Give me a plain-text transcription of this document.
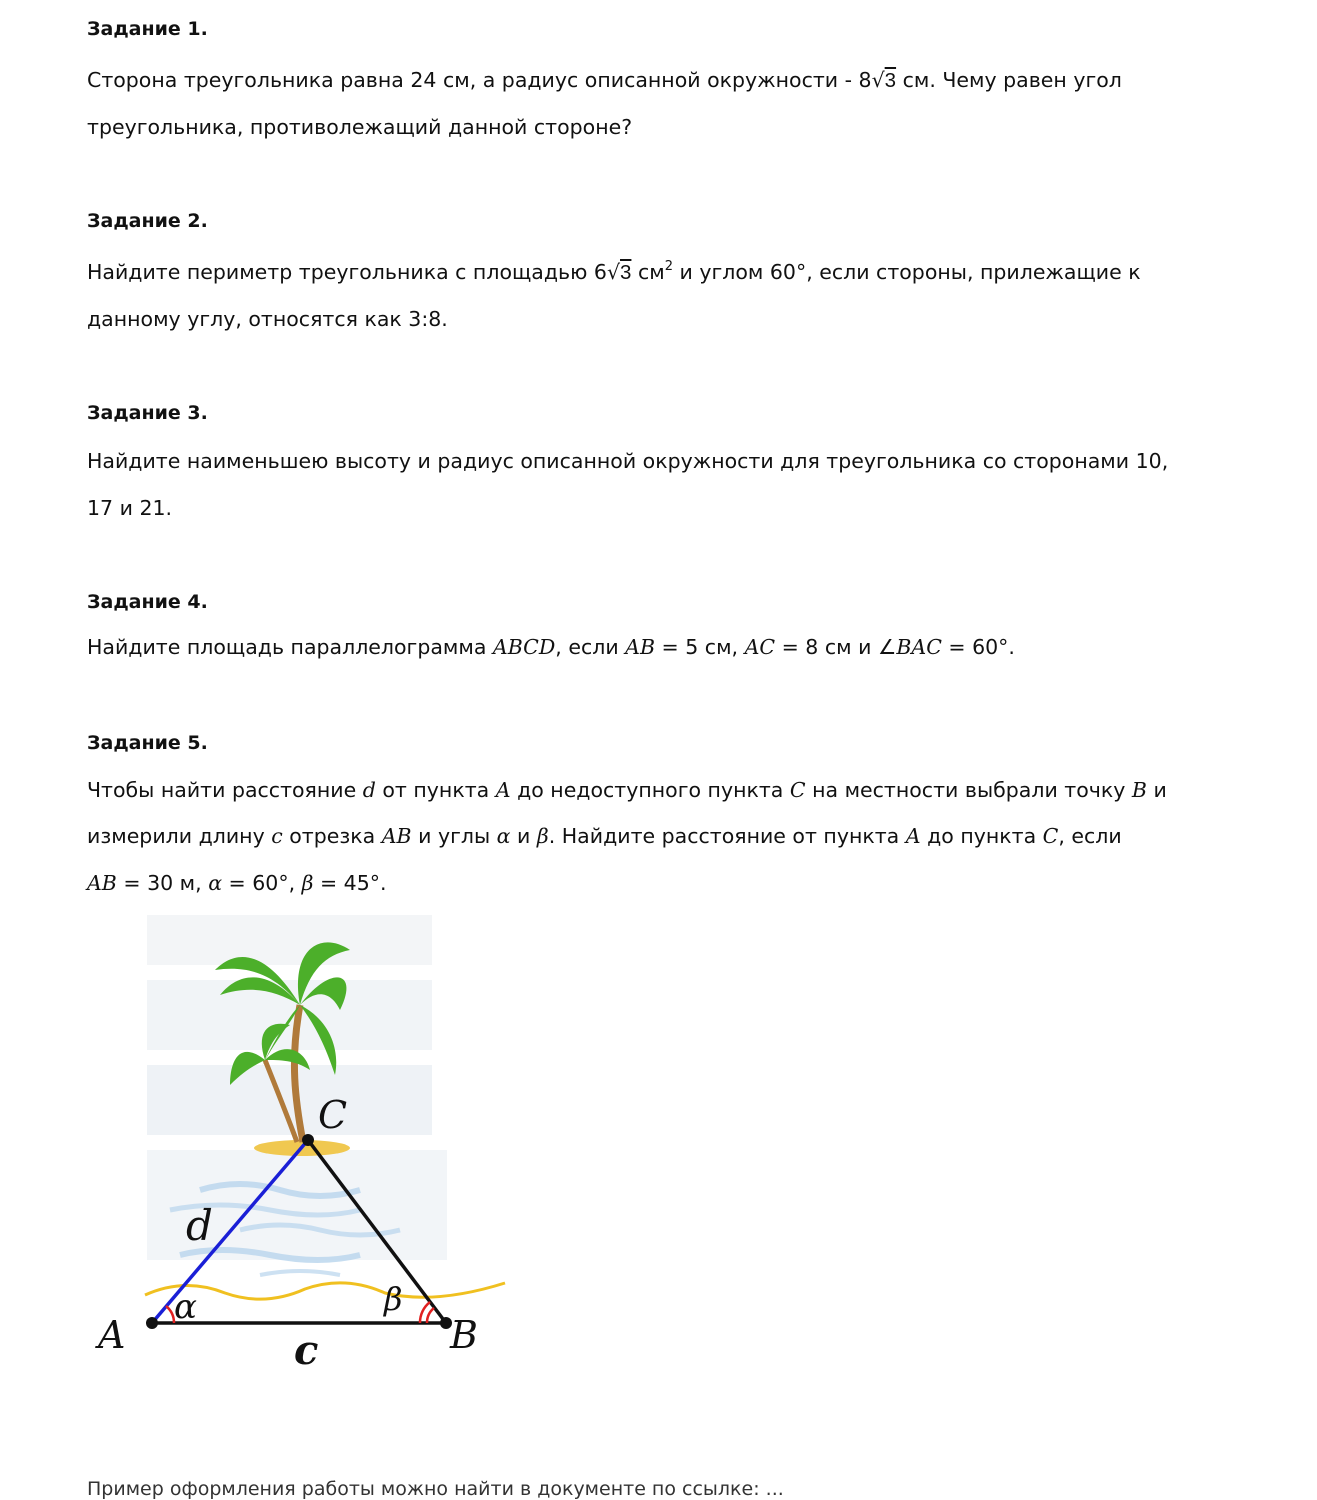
Задание 1.
Сторона треугольника равна 24 см, а радиус описанной окружности - 8√3 см. Чему равен угол
треугольника, противолежащий данной стороне?
Задание 2.
Найдите периметр треугольника с площадью 6√3 $см^2$ и углом 60°, если стороны, прилежащие к
данному углу, относятся как 3:8.
Задание 3.
Найдите наименьшею высоту и радиус описанной окружности для треугольника со сторонами 10,
17 и 21.
Задание 4.
Найдите площадь параллелограмма ABCD, если AB = 5 см, AC = 8 см и ∠BAC = 60°.
Задание 5.
Чтобы найти расстояние d от пункта A до недоступного пункта C на местности выбрали точку B и
измерили длину c отрезка AB и углы α и β. Найдите расстояние от пункта A до пункта C, если
AB = 30 м, α = 60°, β = 45°.
A	B
C
d
c
α	β
Пример оформления работы можно найти в документе по ссылке: ...
